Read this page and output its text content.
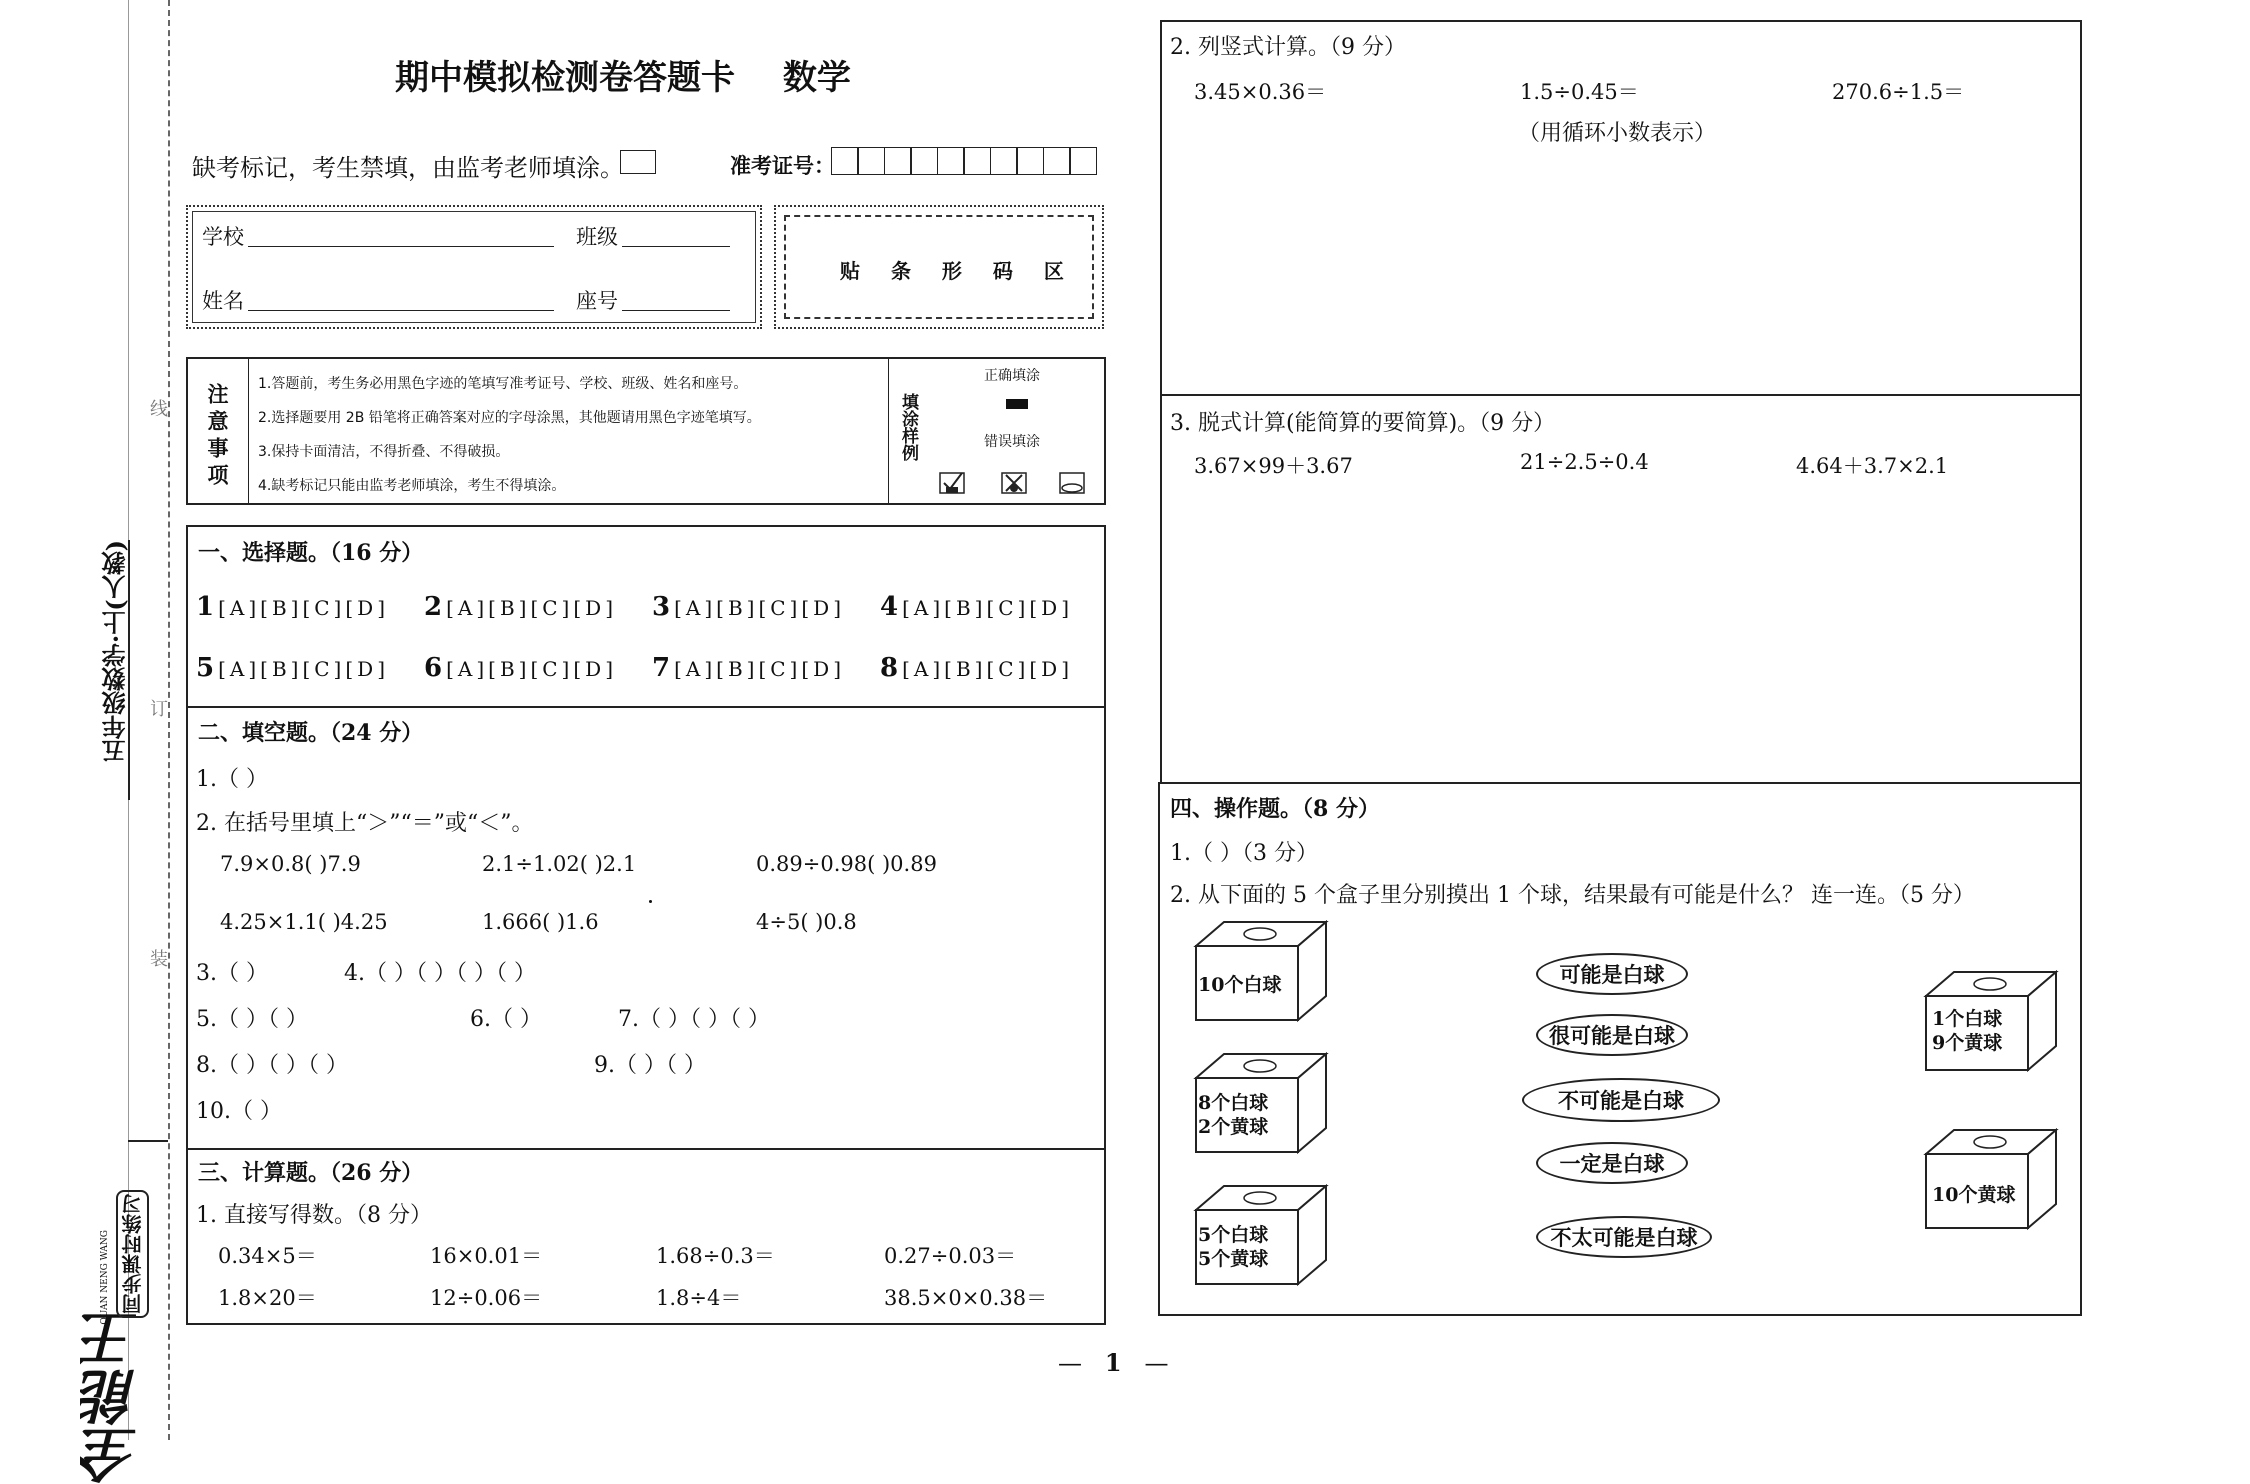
五年级数学·上(人教)
线
订
装
全能王
同步课时练习
QUAN NENG WANG
期中模拟检测卷答题卡 数学
缺考标记，考生禁填，由监考老师填涂。	准考证号：
学校	班级
姓名	座号
贴 条 形 码 区
注意事项 1.答题前，考生务必用黑色字迹的笔填写准考证号、学校、班级、姓名和座号。
2.选择题要用 2B 铅笔将正确答案对应的字母涂黑，其他题请用黑色字迹笔填写。
3.保持卡面清洁，不得折叠、不得破损。
4.缺考标记只能由监考老师填涂，考生不得填涂。
填涂样例
正确填涂
错误填涂
一、选择题。（16 分）
1 [A][B][C][D] 2 [A][B][C][D] 3 [A][B][C][D] 4 [A][B][C][D]
5 [A][B][C][D] 6 [A][B][C][D] 7 [A][B][C][D] 8 [A][B][C][D]
二、填空题。（24 分）
1.（ ）
2. 在括号里填上“＞”“＝”或“＜”。
7.9×0.8( )7.9	2.1÷1.02( )2.1	0.89÷0.98( )0.89
4.25×1.1( )4.25	1.666( )1.6	4÷5( )0.8
3.（ ）	4.（ ）（ ）（ ）（ ）
5.（ ）（ ）	6.（ ）	7.（ ）（ ）（ ）
8.（ ）（ ）（ ）	9.（ ）（ ）
10.（ ）
三、计算题。（26 分）
1. 直接写得数。（8 分）
0.34×5＝	16×0.01＝	1.68÷0.3＝	0.27÷0.03＝
1.8×20＝	12÷0.06＝	1.8÷4＝	38.5×0×0.38＝
2. 列竖式计算。（9 分）
3.45×0.36＝	1.5÷0.45＝	270.6÷1.5＝
（用循环小数表示）
3. 脱式计算(能简算的要简算)。（9 分）
3.67×99＋3.67	21÷2.5÷0.4	4.64＋3.7×2.1
四、操作题。（8 分）
1.（ ）（3 分）
2. 从下面的 5 个盒子里分别摸出 1 个球，结果最有可能是什么？ 连一连。（5 分）
10个白球
8个白球
2个黄球
5个白球
5个黄球
可能是白球
很可能是白球
不可能是白球
一定是白球
不太可能是白球
1个白球
9个黄球
10个黄球
—   1   —
